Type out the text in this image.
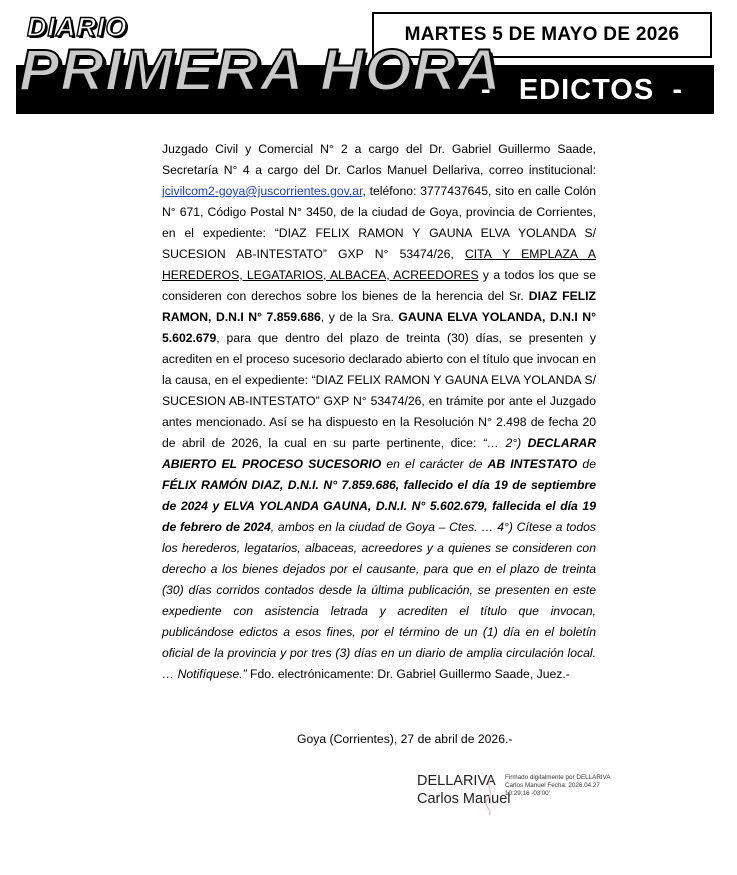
DIARIO	MARTES 5 DE MAYO DE 2026
PRIMERA HORA
-   EDICTOS  -

Juzgado Civil y Comercial N° 2 a cargo del Dr. Gabriel Guillermo Saade, Secretaría N° 4 a cargo del Dr. Carlos Manuel Dellariva, correo institucional: jcivilcom2-goya@juscorrientes.gov.ar, teléfono: 3777437645, sito en calle Colón N° 671, Código Postal N° 3450, de la ciudad de Goya, provincia de Corrientes, en el expediente: “DIAZ FELIX RAMON Y GAUNA ELVA YOLANDA S/ SUCESION AB-INTESTATO” GXP N° 53474/26, CITA Y EMPLAZA A HEREDEROS, LEGATARIOS, ALBACEA, ACREEDORES y a todos los que se consideren con derechos sobre los bienes de la herencia del Sr. DIAZ FELIZ RAMON, D.N.I N° 7.859.686, y de la Sra. GAUNA ELVA YOLANDA, D.N.I N° 5.602.679, para que dentro del plazo de treinta (30) días, se presenten y acrediten en el proceso sucesorio declarado abierto con el título que invocan en la causa, en el expediente: “DIAZ FELIX RAMON Y GAUNA ELVA YOLANDA S/ SUCESION AB-INTESTATO” GXP N° 53474/26, en trámite por ante el Juzgado antes mencionado. Así se ha dispuesto en la Resolución N° 2.498 de fecha 20 de abril de 2026, la cual en su parte pertinente, dice: “… 2°) DECLARAR ABIERTO EL PROCESO SUCESORIO en el carácter de AB INTESTATO de FÉLIX RAMÓN DIAZ, D.N.I. N° 7.859.686, fallecido el día 19 de septiembre de 2024 y ELVA YOLANDA GAUNA, D.N.I. N° 5.602.679, fallecida el día 19 de febrero de 2024, ambos en la ciudad de Goya – Ctes. … 4°) Cítese a todos los herederos, legatarios, albaceas, acreedores y a quienes se consideren con derecho a los bienes dejados por el causante, para que en el plazo de treinta (30) días corridos contados desde la última publicación, se presenten en este expediente con asistencia letrada y acrediten el título que invocan, publicándose edictos a esos fines, por el término de un (1) día en el boletín oficial de la provincia y por tres (3) días en un diario de amplia circulación local. … Notifíquese.” Fdo. electrónicamente: Dr. Gabriel Guillermo Saade, Juez.-

Goya (Corrientes), 27 de abril de 2026.-
DELLARIVA
Carlos Manuel
Firmado digitalmente por DELLARIVA Carlos Manuel Fecha: 2026.04.27 10:29:16 -03'00'
